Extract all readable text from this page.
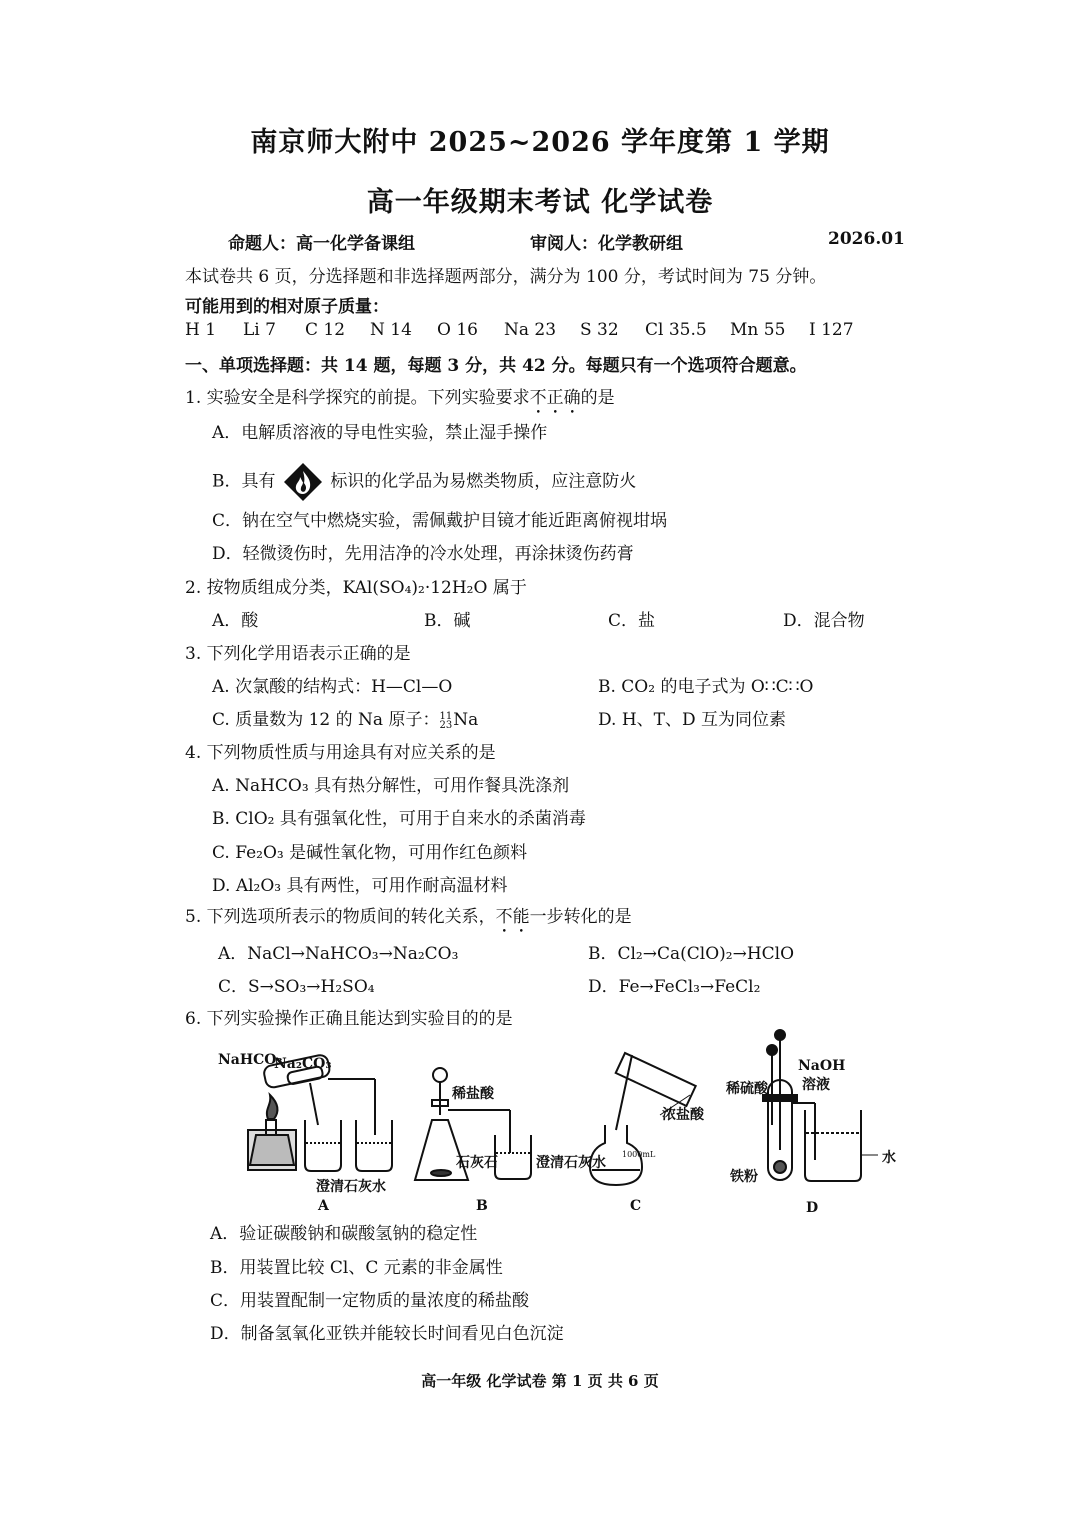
南京师大附中 2025~2026 学年度第 1 学期
高一年级期末考试 化学试卷
命题人：高一化学备课组	审阅人：化学教研组	2026.01
本试卷共 6 页，分选择题和非选择题两部分，满分为 100 分，考试时间为 75 分钟。
可能用到的相对原子质量：
H 1 Li 7 C 12 N 14 O 16 Na 23 S 32 Cl 35.5 Mn 55 I 127
一、单项选择题：共 14 题，每题 3 分，共 42 分。每题只有一个选项符合题意。
1. 实验安全是科学探究的前提。下列实验要求不正确的是
A．电解质溶液的导电性实验，禁止湿手操作
B．具有	标识的化学品为易燃类物质，应注意防火
C．钠在空气中燃烧实验，需佩戴护目镜才能近距离俯视坩埚
D．轻微烫伤时，先用洁净的冷水处理，再涂抹烫伤药膏
2. 按物质组成分类，KAl(SO₄)₂·12H₂O 属于
A．酸	B．碱	C．盐	D．混合物
3. 下列化学用语表示正确的是
A. 次氯酸的结构式：H—Cl—O	B. CO₂ 的电子式为 O∷C∷O
C. 质量数为 12 的 Na 原子： 11
23 Na	D. H、T、D 互为同位素
4. 下列物质性质与用途具有对应关系的是
A. NaHCO₃ 具有热分解性，可用作餐具洗涤剂
B. ClO₂ 具有强氧化性，可用于自来水的杀菌消毒
C. Fe₂O₃ 是碱性氧化物，可用作红色颜料
D. Al₂O₃ 具有两性，可用作耐高温材料
5. 下列选项所表示的物质间的转化关系，不能一步转化的是
A．NaCl→NaHCO₃→Na₂CO₃	B．Cl₂→Ca(ClO)₂→HClO
C．S→SO₃→H₂SO₄	D．Fe→FeCl₃→FeCl₂
6. 下列实验操作正确且能达到实验目的的是
NaHCO₃
Na₂CO₃
澄清石灰水
A
稀盐酸
石灰石	澄清石灰水
B
浓盐酸
1000mL
C
NaOH
溶液
稀硫酸
铁粉
水
D
A．验证碳酸钠和碳酸氢钠的稳定性
B．用装置比较 Cl、C 元素的非金属性
C．用装置配制一定物质的量浓度的稀盐酸
D．制备氢氧化亚铁并能较长时间看见白色沉淀
高一年级 化学试卷 第 1 页 共 6 页
